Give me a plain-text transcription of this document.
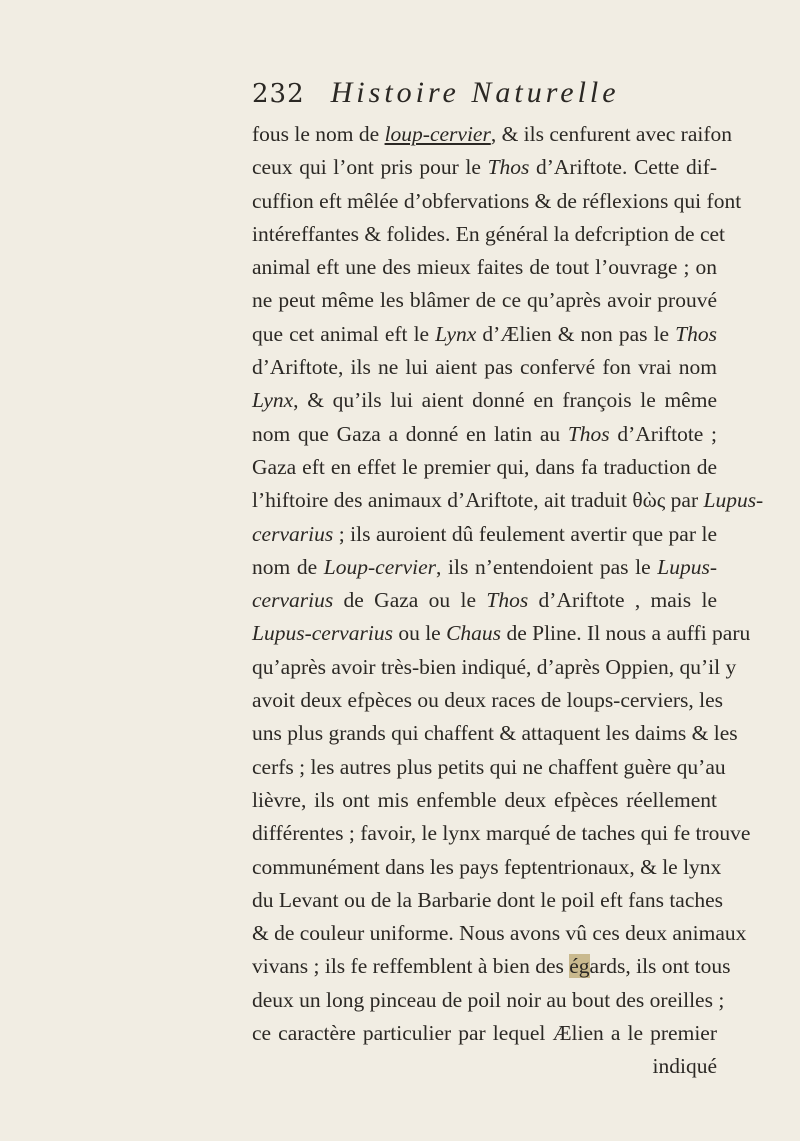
232 Histoire Naturelle
fous le nom de loup-cervier, & ils cenfurent avec raifon
ceux qui l’ont pris pour le Thos d’Ariftote. Cette dif-
cuffion eft mêlée d’obfervations & de réflexions qui font
intéreffantes & folides. En général la defcription de cet
animal eft une des mieux faites de tout l’ouvrage ; on
ne peut même les blâmer de ce qu’après avoir prouvé
que cet animal eft le Lynx d’Ælien & non pas le Thos
d’Ariftote, ils ne lui aient pas confervé fon vrai nom
Lynx, & qu’ils lui aient donné en françois le même
nom que Gaza a donné en latin au Thos d’Ariftote ;
Gaza eft en effet le premier qui, dans fa traduction de
l’hiftoire des animaux d’Ariftote, ait traduit θὼς par Lupus-
cervarius ; ils auroient dû feulement avertir que par le
nom de Loup-cervier, ils n’entendoient pas le Lupus-
cervarius de Gaza ou le Thos d’Ariftote , mais le
Lupus-cervarius ou le Chaus de Pline. Il nous a auffi paru
qu’après avoir très-bien indiqué, d’après Oppien, qu’il y
avoit deux efpèces ou deux races de loups-cerviers, les
uns plus grands qui chaffent & attaquent les daims & les
cerfs ; les autres plus petits qui ne chaffent guère qu’au
lièvre, ils ont mis enfemble deux efpèces réellement
différentes ; favoir, le lynx marqué de taches qui fe trouve
communément dans les pays feptentrionaux, & le lynx
du Levant ou de la Barbarie dont le poil eft fans taches
& de couleur uniforme. Nous avons vû ces deux animaux
vivans ; ils fe reffemblent à bien des égards, ils ont tous
deux un long pinceau de poil noir au bout des oreilles ;
ce caractère particulier par lequel Ælien a le premier
indiqué
